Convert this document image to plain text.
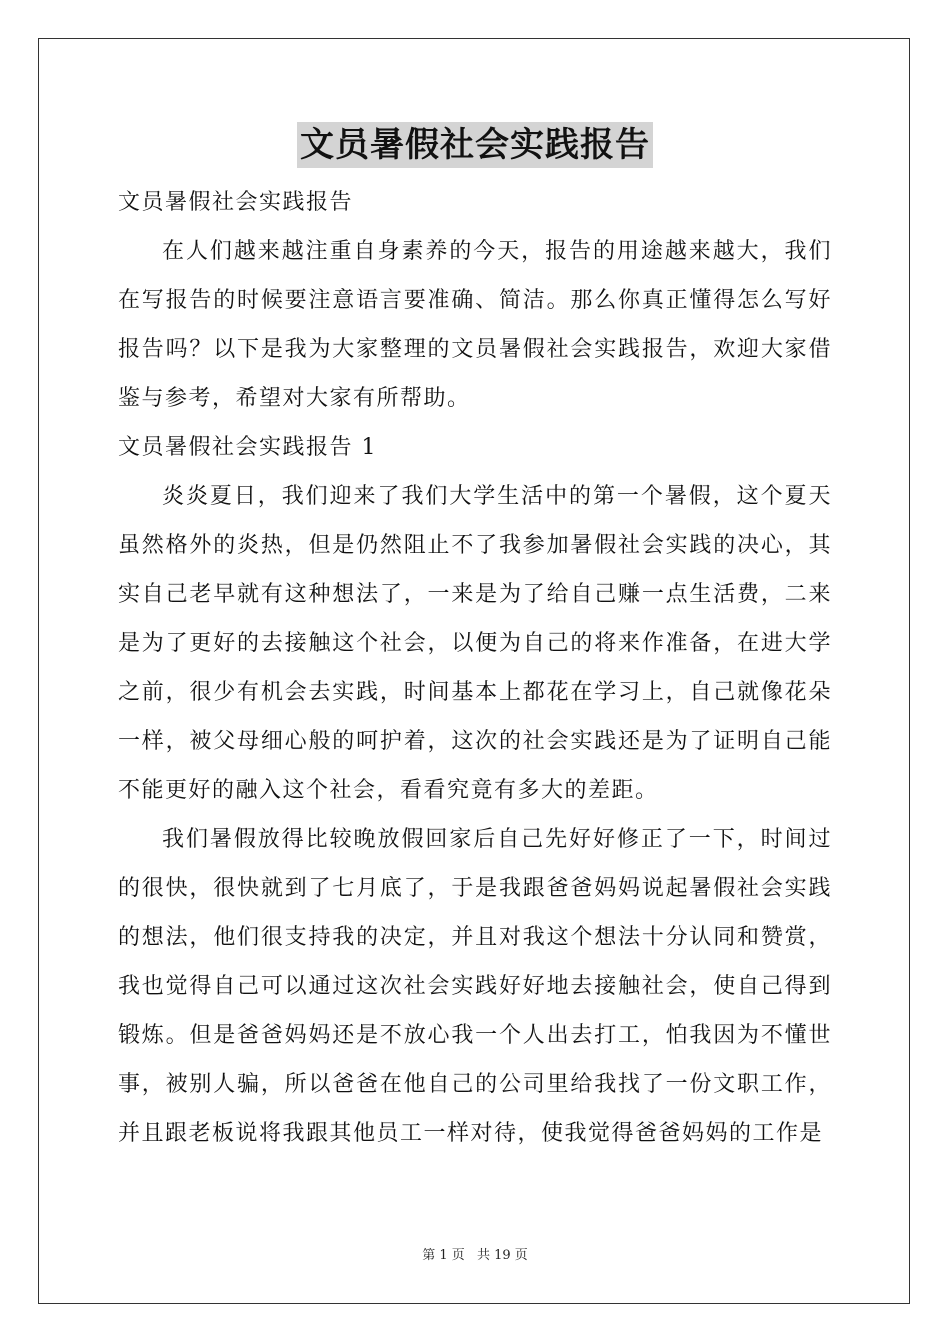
文员暑假社会实践报告

文员暑假社会实践报告

在人们越来越注重自身素养的今天，报告的用途越来越大，我们在写报告的时候要注意语言要准确、简洁。那么你真正懂得怎么写好报告吗？以下是我为大家整理的文员暑假社会实践报告，欢迎大家借鉴与参考，希望对大家有所帮助。

文员暑假社会实践报告 1

炎炎夏日，我们迎来了我们大学生活中的第一个暑假，这个夏天虽然格外的炎热，但是仍然阻止不了我参加暑假社会实践的决心，其实自己老早就有这种想法了，一来是为了给自己赚一点生活费，二来是为了更好的去接触这个社会，以便为自己的将来作准备，在进大学之前，很少有机会去实践，时间基本上都花在学习上，自己就像花朵一样，被父母细心般的呵护着，这次的社会实践还是为了证明自己能不能更好的融入这个社会，看看究竟有多大的差距。

我们暑假放得比较晚放假回家后自己先好好修正了一下，时间过的很快，很快就到了七月底了，于是我跟爸爸妈妈说起暑假社会实践的想法，他们很支持我的决定，并且对我这个想法十分认同和赞赏，我也觉得自己可以通过这次社会实践好好地去接触社会，使自己得到锻炼。但是爸爸妈妈还是不放心我一个人出去打工，怕我因为不懂世事，被别人骗，所以爸爸在他自己的公司里给我找了一份文职工作，并且跟老板说将我跟其他员工一样对待，使我觉得爸爸妈妈的工作是

第 1 页 共 19 页
